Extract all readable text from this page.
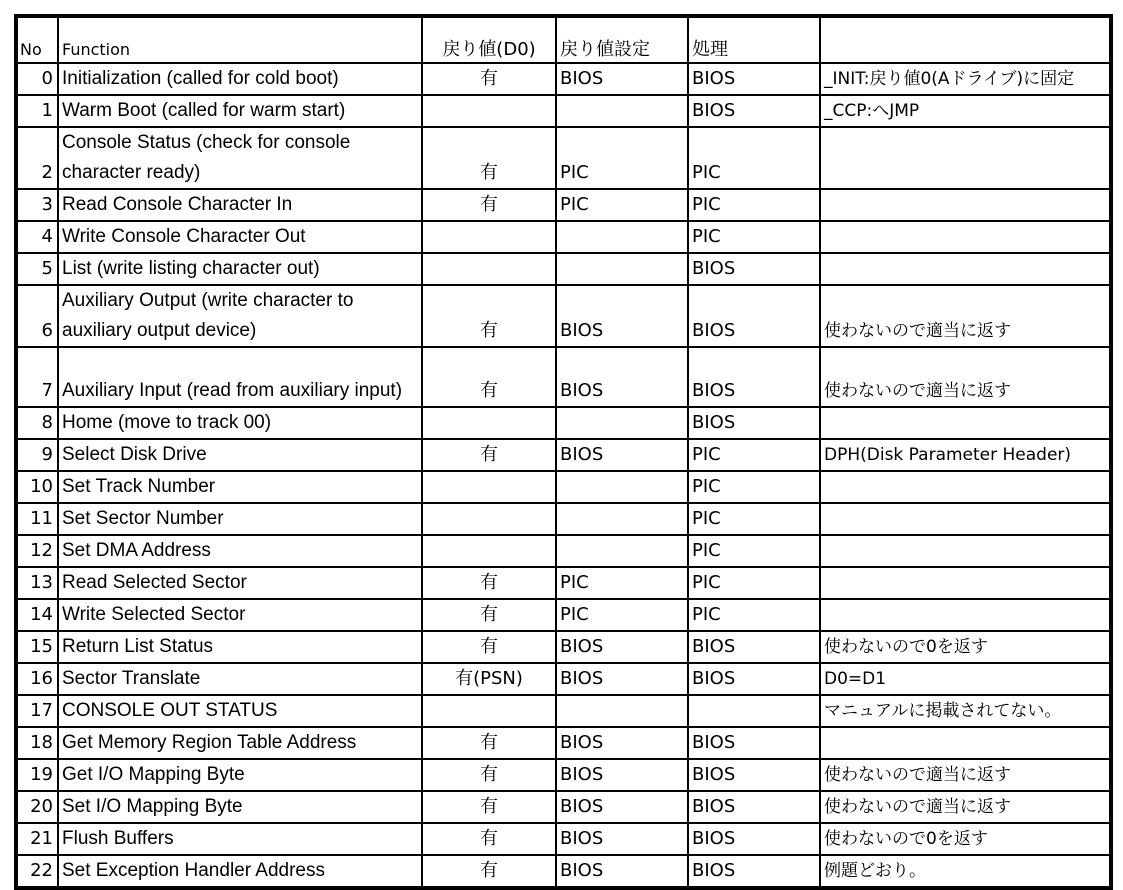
No	Function	戻り値(D0)	戻り値設定	処理	
0	Initialization (called for cold boot)	有	BIOS	BIOS	_INIT:戻り値0(Aドライブ)に固定
1	Warm Boot (called for warm start)			BIOS	_CCP:へJMP
2	Console Status (check for console character ready)	有	PIC	PIC	
3	Read Console Character In	有	PIC	PIC	
4	Write Console Character Out			PIC	
5	List (write listing character out)			BIOS	
6	Auxiliary Output (write character to auxiliary output device)	有	BIOS	BIOS	使わないので適当に返す
7	Auxiliary Input (read from auxiliary input)	有	BIOS	BIOS	使わないので適当に返す
8	Home (move to track 00)			BIOS	
9	Select Disk Drive	有	BIOS	PIC	DPH(Disk Parameter Header)
10	Set Track Number			PIC	
11	Set Sector Number			PIC	
12	Set DMA Address			PIC	
13	Read Selected Sector	有	PIC	PIC	
14	Write Selected Sector	有	PIC	PIC	
15	Return List Status	有	BIOS	BIOS	使わないので0を返す
16	Sector Translate	有(PSN)	BIOS	BIOS	D0=D1
17	CONSOLE OUT STATUS				マニュアルに掲載されてない。
18	Get Memory Region Table Address	有	BIOS	BIOS	
19	Get I/O Mapping Byte	有	BIOS	BIOS	使わないので適当に返す
20	Set I/O Mapping Byte	有	BIOS	BIOS	使わないので適当に返す
21	Flush Buffers	有	BIOS	BIOS	使わないので0を返す
22	Set Exception Handler Address	有	BIOS	BIOS	例題どおり。
